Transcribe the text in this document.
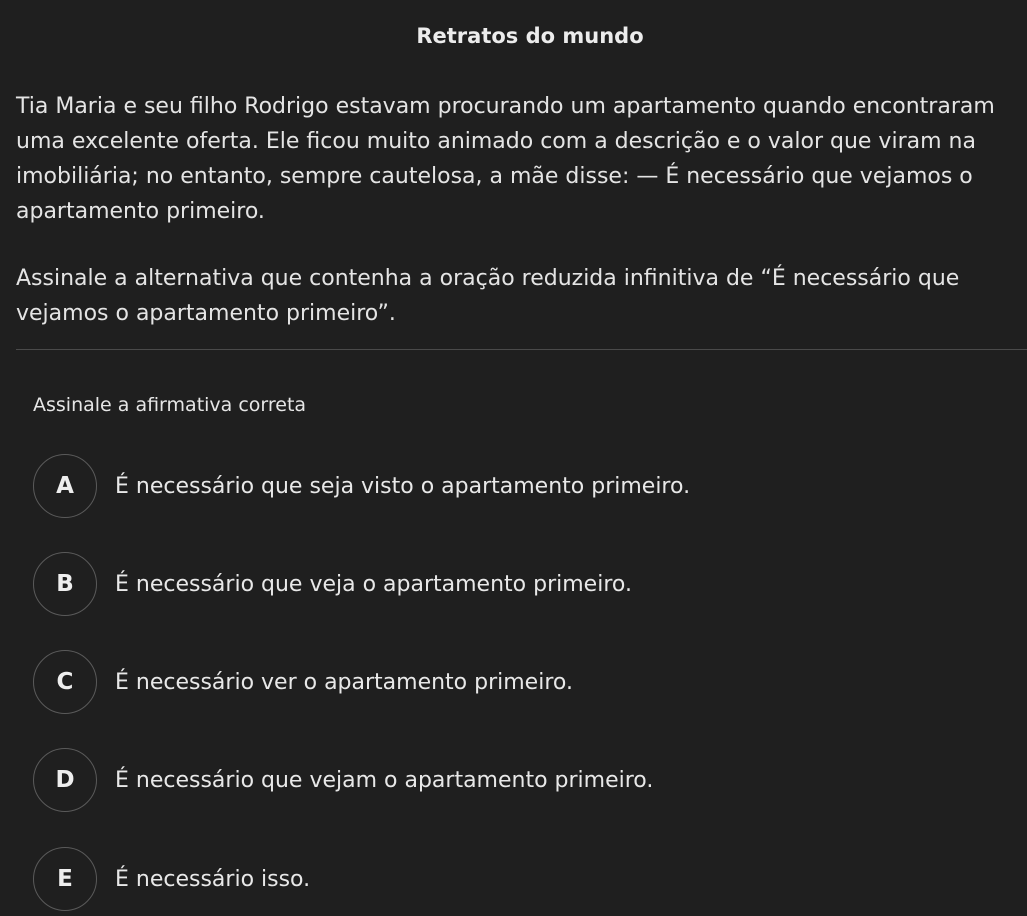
Retratos do mundo
Tia Maria e seu filho Rodrigo estavam procurando um apartamento quando encontraram uma excelente oferta. Ele ficou muito animado com a descrição e o valor que viram na imobiliária; no entanto, sempre cautelosa, a mãe disse: — É necessário que vejamos o apartamento primeiro.
Assinale a alternativa que contenha a oração reduzida infinitiva de “É necessário que vejamos o apartamento primeiro”.
Assinale a afirmativa correta
A	É necessário que seja visto o apartamento primeiro.
B	É necessário que veja o apartamento primeiro.
C	É necessário ver o apartamento primeiro.
D	É necessário que vejam o apartamento primeiro.
E	É necessário isso.
